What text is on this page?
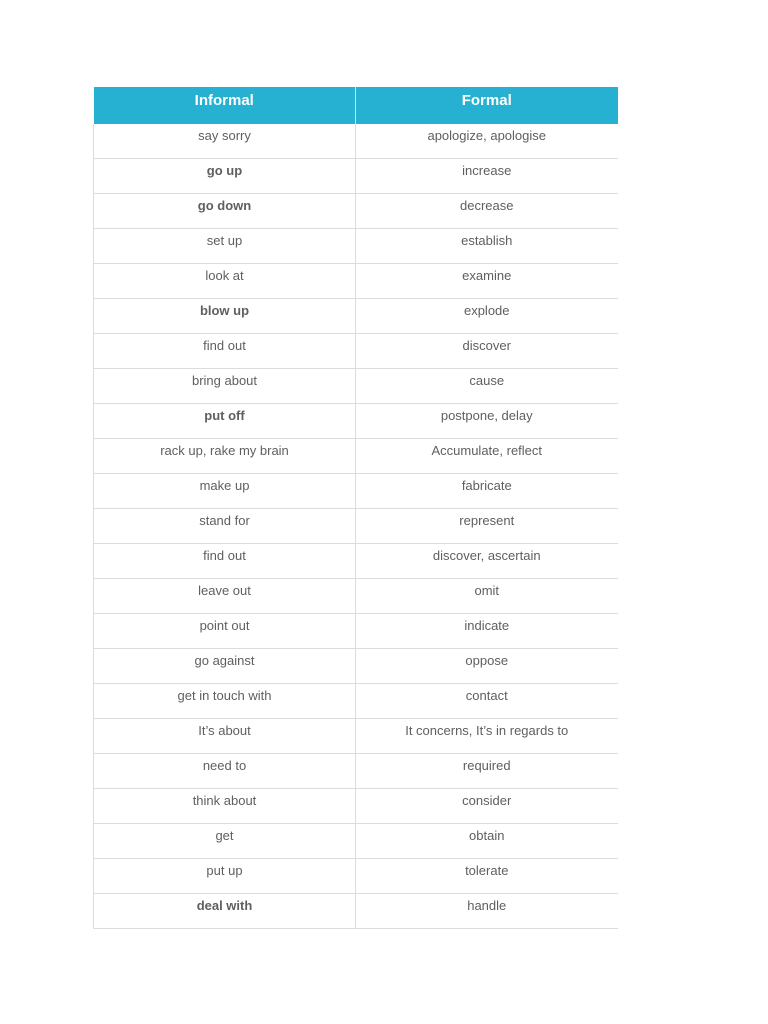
Informal	Formal
say sorry	apologize, apologise
go up	increase
go down	decrease
set up	establish
look at	examine
blow up	explode
find out	discover
bring about	cause
put off	postpone, delay
rack up, rake my brain	Accumulate, reflect
make up	fabricate
stand for	represent
find out	discover, ascertain
leave out	omit
point out	indicate
go against	oppose
get in touch with	contact
It’s about	It concerns, It’s in regards to
need to	required
think about	consider
get	obtain
put up	tolerate
deal with	handle
